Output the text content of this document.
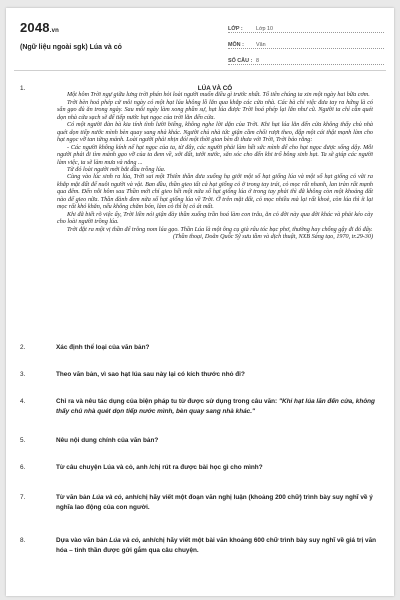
2048.vn
(Ngữ liệu ngoài sgk) Lúa và cỏ
LỚP :	Lớp 10
MÔN :	Văn
SỐ CÂU : 8
1.	LÚA VÀ CỎ

Một hôm Trời ngự giữa lưng trời phán hỏi loài người muốn điều gì trước nhất. Tổ tiên chúng ta xin một ngày hai bữa cơm.

Trời bèn hoá phép cử môi ngày có một hạt lúa không lồ lăn qua khắp các cửa nhà. Các bà chỉ việc đưa tay ra hứng là có sẵn gạo đủ ăn trong ngày. Sau môi ngày làm xong phần sự, hạt lúa được Trời hoá phép lại lăn như cũ. Người ta chỉ cần quét dọn nhà cửa sạch sẽ để tiếp nước hạt ngọc của trời lăn đến cửa.

Có một người đàn bà kia tính tình lười biếng, không nghe lời dặn của Trời. Khi hạt lúa lăn đến cửa không thấy chủ nhà quét dọn tiếp nước mình bèn quay sang nhà khác. Người chủ nhà tức giận cầm chổi rượt theo, đập một cái thật mạnh làm cho hạt ngọc vỡ tan từng mảnh. Loài người phải nhịn đói một thời gian bèn đi thưa với Trời, Trời bảo rằng:

- Các người không kính nể hạt ngọc của ta, từ đây, các người phải làm hết sức mình để cho hạt ngọc được sống dậy. Mỗi người phải đi tìm mảnh gạo vỡ của ta đem về, xới đất, tưới nước, săn sóc cho đến khi trổ bông sinh hạt. Ta sẽ giúp các người làm việc, ta sẽ làm mưa và nắng ...

Từ đó loài người mới bắt đầu trồng lúa.

Cùng vào lúc sinh ra lúa, Trời sai một Thiên thần đưa xuống hạ giới một số hạt giống lúa và một số hạt giống cỏ vãi ra khắp mặt đất để nuôi người và vật. Ban đầu, thần gieo tất cả hạt giống cỏ ở trong tay trái, cỏ mọc rất nhanh, lan tràn rất mạnh qua đêm. Đến nỗi hôm sau Thần mới chỉ gieo hết một nửa số hạt giống lúa ở trong tay phải thì đã không còn một khoảng đất nào để gieo nữa. Thần đành đem nửa số hạt giống lúa về Trời. Ở trên mặt đất, cỏ mọc nhiều mà lại rất khoẻ, còn lúa thì ít lại mọc rất khó khăn, nếu không chăm bón, làm cỏ thì bị cỏ át mất.

Khi đã biết rõ việc ấy, Trời liền nói giận đày thần xuống trần hoá làm con trâu, ăn cỏ đời này qua đời khác và phải kéo cày cho loài người trồng lúa.

Trời đặt ra một vị thần để trông nom lúa gạo. Thần Lúa là một ông cụ già râu tóc bạc phơ, thường hay chống gậy đi đó đây.

(Thần thoại, Doãn Quốc Sỹ sưu tầm và dịch thuật, NXB Sáng tạo, 1970, tr.29-30)

2.	Xác định thể loại của văn bản?
3.	Theo văn bản, vì sao hạt lúa sau này lại có kích thước nhỏ đi?
4.	Chỉ ra và nêu tác dụng của biện pháp tu từ được sử dụng trong câu văn: "Khi hạt lúa lăn đến cửa, không thấy chủ nhà quét dọn tiếp nước mình, bèn quay sang nhà khác."
5.	Nêu nội dung chính của văn bản?
6.	Từ câu chuyện Lúa và cỏ, anh /chị rút ra được bài học gì cho mình?
7.	Từ văn bản Lúa và cỏ, anh/chị hãy viết một đoạn văn nghị luận (khoảng 200 chữ) trình bày suy nghĩ về ý nghĩa lao động của con người.
8.	Dựa vào văn bản Lúa và cỏ, anh/chị hãy viết một bài văn khoảng 600 chữ trình bày suy nghĩ về giá trị văn hóa – tinh thần được gửi gắm qua câu chuyện.
